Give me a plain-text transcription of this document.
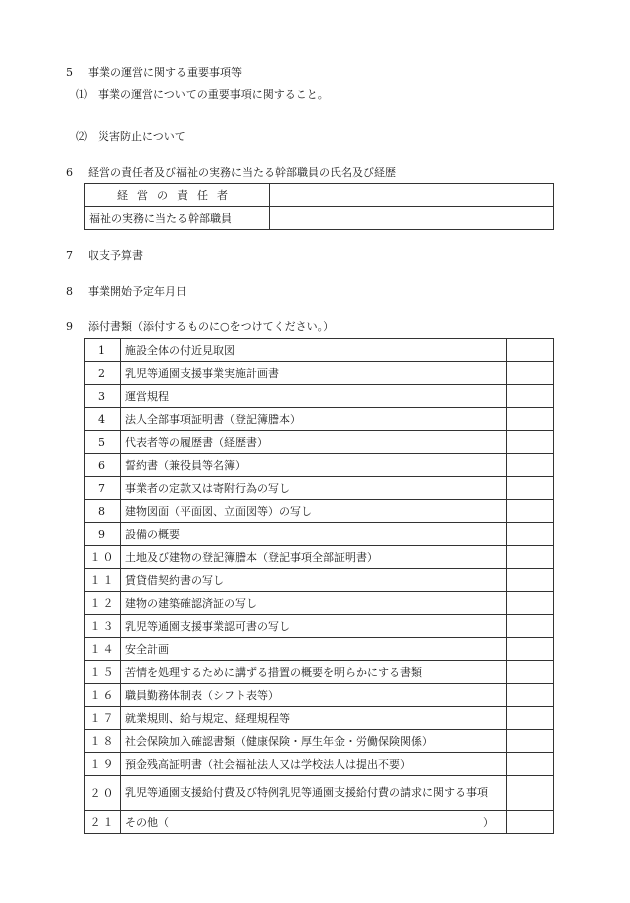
5 事業の運営に関する重要事項等
⑴ 事業の運営についての重要事項に関すること。
⑵ 災害防止について
6 経営の責任者及び福祉の実務に当たる幹部職員の氏名及び経歴
経営の責任者	
福祉の実務に当たる幹部職員	
7 収支予算書
8 事業開始予定年月日
9 添付書類（添付するものに○をつけてください。）
1	施設全体の付近見取図	
2	乳児等通園支援事業実施計画書	
3	運営規程	
4	法人全部事項証明書（登記簿謄本）	
5	代表者等の履歴書（経歴書）	
6	誓約書（兼役員等名簿）	
7	事業者の定款又は寄附行為の写し	
8	建物図面（平面図、立面図等）の写し	
9	設備の概要	
１０	土地及び建物の登記簿謄本（登記事項全部証明書）	
１１	賃貸借契約書の写し	
１２	建物の建築確認済証の写し	
１３	乳児等通園支援事業認可書の写し	
１４	安全計画	
１５	苦情を処理するために講ずる措置の概要を明らかにする書類	
１６	職員勤務体制表（シフト表等）	
１７	就業規則、給与規定、経理規程等	
１８	社会保険加入確認書類（健康保険・厚生年金・労働保険関係）	
１９	預金残高証明書（社会福祉法人又は学校法人は提出不要）	
２０	乳児等通園支援給付費及び特例乳児等通園支援給付費の請求に関する事項	
２１	その他（ ）	
